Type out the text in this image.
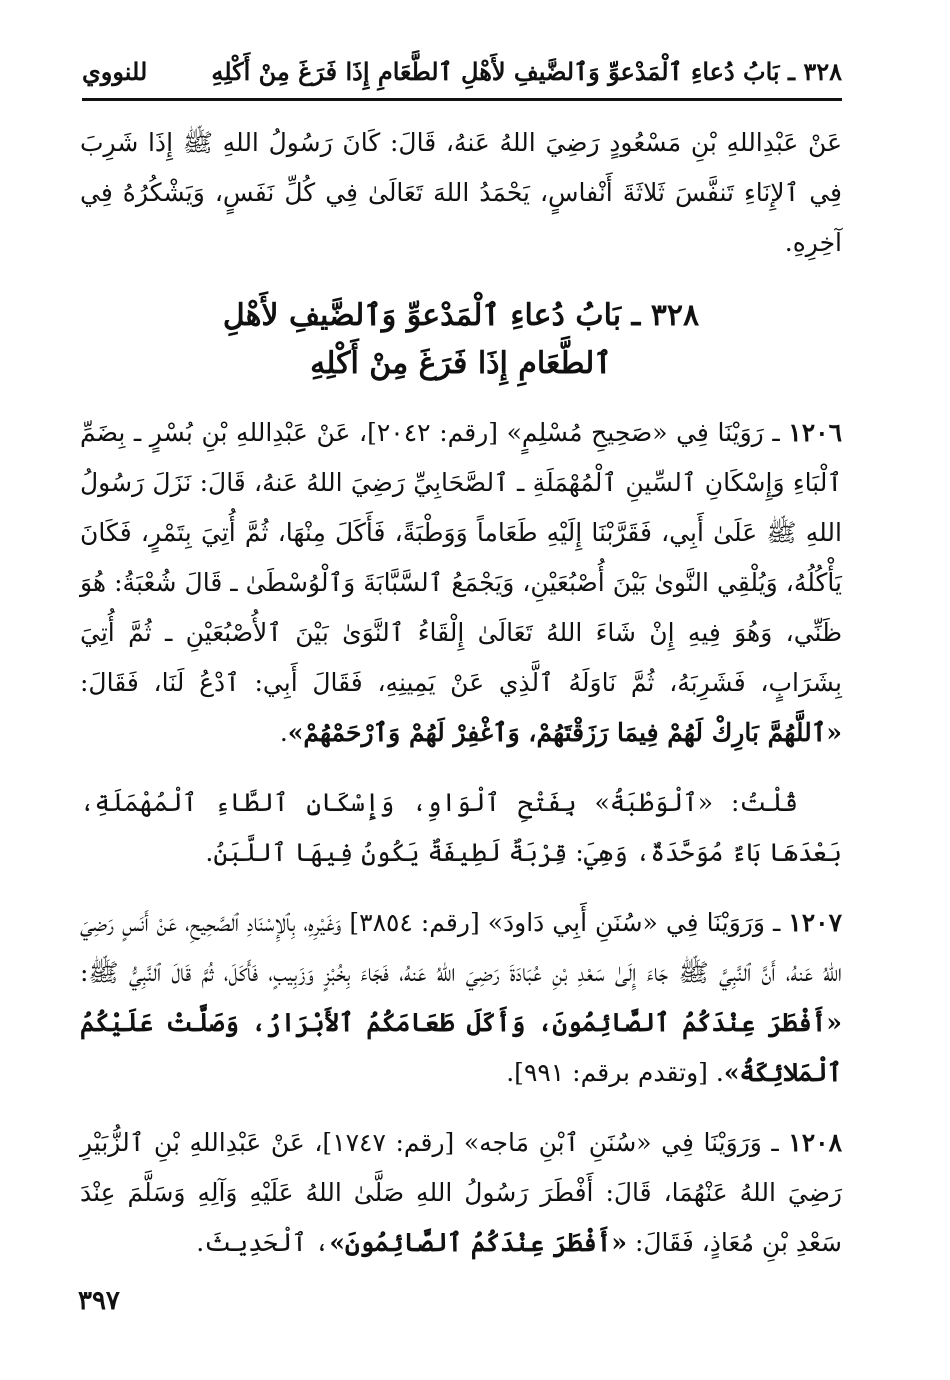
للنووي	٣٢٨ ـ بَابُ دُعاءِ ٱلْمَدْعوِّ وَٱلضَّيفِ لأَهْلِ ٱلطَّعَامِ إِذَا فَرَغَ مِنْ أَكْلِهِ

عَنْ عَبْدِاللهِ بْنِ مَسْعُودٍ رَضِيَ اللهُ عَنهُ، قَالَ: كَانَ رَسُولُ اللهِ ﷺ إِذَا شَرِبَ فِي ٱلإِنَاءِ تَنفَّسَ ثَلاثَةَ أَنْفاسٍ، يَحْمَدُ اللهَ تَعَالَىٰ فِي كُلِّ نَفَسٍ، وَيَشْكُرُهُ فِي آخِرِهِ.

٣٢٨ ـ بَابُ دُعاءِ ٱلْمَدْعوِّ وَٱلضَّيفِ لأَهْلِ
ٱلطَّعَامِ إِذَا فَرَغَ مِنْ أَكْلِهِ

١٢٠٦ ـ رَوَيْنَا فِي «صَحِيحِ مُسْلِمٍ» [رقم: ٢٠٤٢]، عَنْ عَبْدِاللهِ بْنِ بُسْرٍ ـ بِضَمِّ ٱلْبَاءِ وَإِسْكَانِ ٱلسِّينِ ٱلْمُهْمَلَةِ ـ ٱلصَّحَابِيِّ رَضِيَ اللهُ عَنهُ، قَالَ: نَزَلَ رَسُولُ اللهِ ﷺ عَلَىٰ أَبِي، فَقَرَّبْنَا إِلَيْهِ طَعَاماً وَوَطْبَةً، فَأَكَلَ مِنْهَا، ثُمَّ أُتِيَ بِتَمْرٍ، فَكَانَ يَأْكُلُهُ، وَيُلْقِي النَّوىٰ بَيْنَ أُصْبُعَيْنِ، وَيَجْمَعُ ٱلسَّبَّابَةَ وَٱلْوُسْطَىٰ ـ قَالَ شُعْبَةُ: هُوَ ظَنِّي، وَهُوَ فِيهِ إِنْ شَاءَ اللهُ تَعَالَىٰ إِلْقَاءُ ٱلنَّوَىٰ بَيْنَ ٱلأُصْبُعَيْنِ ـ ثُمَّ أُتِيَ بِشَرَابٍ، فَشَرِبَهُ، ثُمَّ نَاوَلَهُ ٱلَّذِي عَنْ يَمِينِهِ، فَقَالَ أَبِي: ٱدْعُ لَنَا، فَقَالَ: «ٱللَّهُمَّ بَارِكْ لَهُمْ فِيمَا رَزَقْتَهُمْ، وَٱغْفِرْ لَهُمْ وَٱرْحَمْهُمْ».

قُلْتُ: «ٱلْوَطْبَةُ» بِفَتْحِ ٱلْوَاوِ، وَإِسْكَانِ ٱلطَّاءِ ٱلْمُهْمَلَةِ، بَعْدَهَا بَاءٌ مُوَحَّدَةٌ، وَهِيَ: قِرْبَةٌ لَطِيفَةٌ يَكُونُ فِيهَا ٱللَّبَنُ.

١٢٠٧ ـ وَرَوَيْنَا فِي «سُنَنِ أَبِي دَاودَ» [رقم: ٣٨٥٤] وَغَيْرِهِ، بِٱلإِسْنَادِ ٱلصَّحِيحِ، عَنْ أَنَسٍ رَضِيَ اللهُ عَنهُ، أَنَّ ٱلنَّبِيَّ ﷺ جَاءَ إِلَىٰ سَعْدِ بْنِ عُبَادَةَ رَضِيَ اللهُ عَنهُ، فَجَاءَ بِخُبْزٍ وَزَبِيبٍ، فَأَكَلَ، ثُمَّ قَالَ ٱلنَّبِيُّ ﷺ: «أَفْطَرَ عِنْدَكُمُ ٱلصَّائِمُونَ، وَأَكَلَ طَعَامَكُمُ ٱلأَبْرَارُ، وَصَلَّتْ عَلَيْكُمُ ٱلْمَلائِكَةُ». [وتقدم برقم: ٩٩١].

١٢٠٨ ـ وَرَوَيْنَا فِي «سُنَنِ ٱبْنِ مَاجه» [رقم: ١٧٤٧]، عَنْ عَبْدِاللهِ بْنِ ٱلزُّبَيْرِ رَضِيَ اللهُ عَنْهُمَا، قَالَ: أَفْطَرَ رَسُولُ اللهِ صَلَّىٰ اللهُ عَلَيْهِ وَآلِهِ وَسَلَّمَ عِنْدَ سَعْدِ بْنِ مُعَاذٍ، فَقَالَ: «أَفْطَرَ عِنْدَكُمُ ٱلصَّائِمُونَ»، ٱلْحَدِيثَ.

٣٩٧
